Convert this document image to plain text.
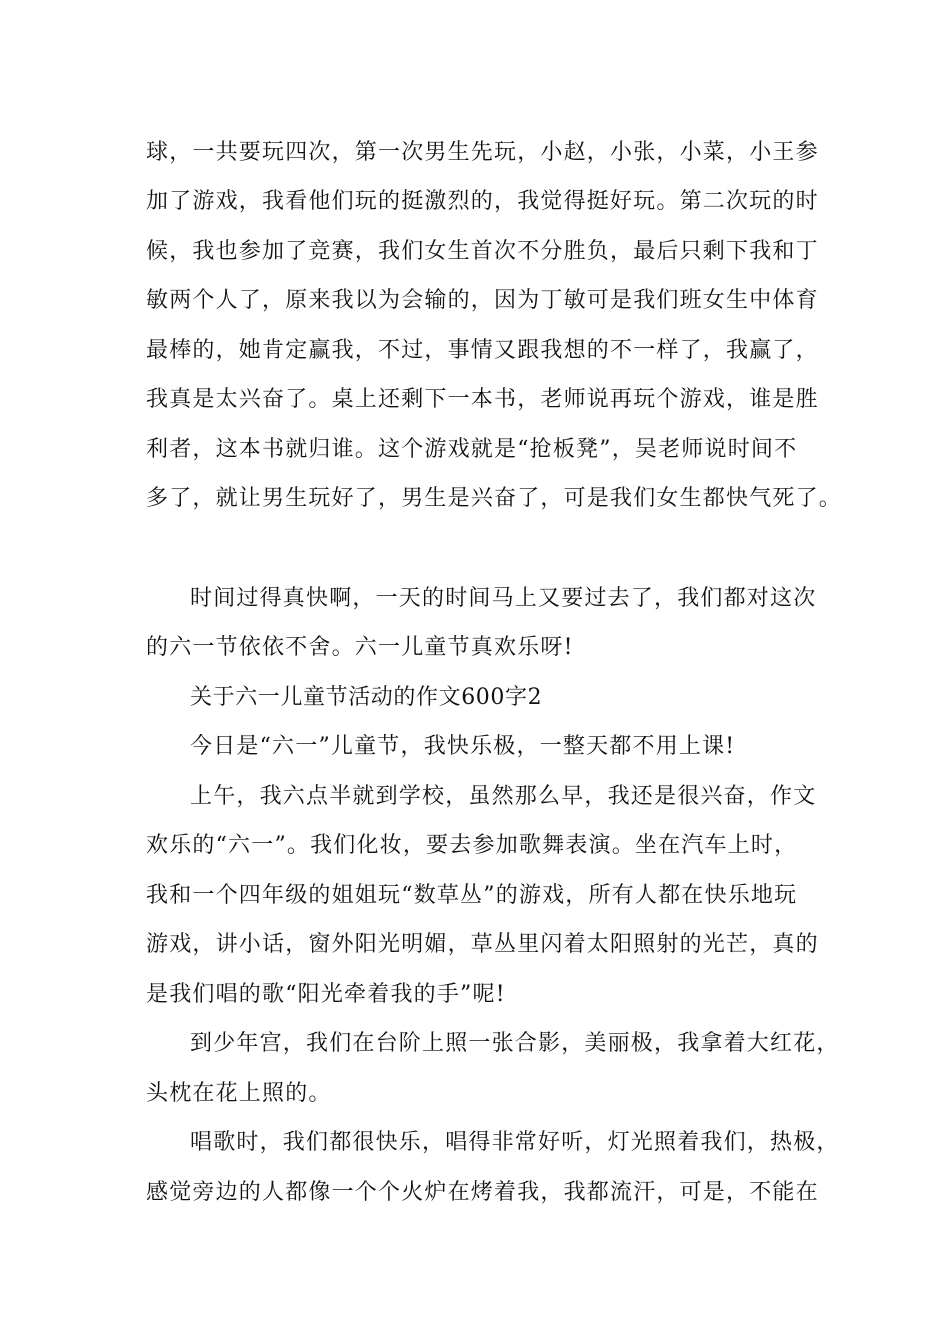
球，一共要玩四次，第一次男生先玩，小赵，小张，小菜，小王参
加了游戏，我看他们玩的挺激烈的，我觉得挺好玩。第二次玩的时
候，我也参加了竞赛，我们女生首次不分胜负，最后只剩下我和丁
敏两个人了，原来我以为会输的，因为丁敏可是我们班女生中体育
最棒的，她肯定赢我，不过，事情又跟我想的不一样了，我赢了，
我真是太兴奋了。桌上还剩下一本书，老师说再玩个游戏，谁是胜
利者，这本书就归谁。这个游戏就是“抢板凳”，吴老师说时间不
多了，就让男生玩好了，男生是兴奋了，可是我们女生都快气死了。
时间过得真快啊，一天的时间马上又要过去了，我们都对这次
的六一节依依不舍。六一儿童节真欢乐呀!
关于六一儿童节活动的作文600字2
今日是“六一”儿童节，我快乐极，一整天都不用上课!
上午，我六点半就到学校，虽然那么早，我还是很兴奋，作文
欢乐的“六一”。我们化妆，要去参加歌舞表演。坐在汽车上时，
我和一个四年级的姐姐玩“数草丛”的游戏，所有人都在快乐地玩
游戏，讲小话，窗外阳光明媚，草丛里闪着太阳照射的光芒，真的
是我们唱的歌“阳光牵着我的手”呢!
到少年宫，我们在台阶上照一张合影，美丽极，我拿着大红花，
头枕在花上照的。
唱歌时，我们都很快乐，唱得非常好听，灯光照着我们，热极，
感觉旁边的人都像一个个火炉在烤着我，我都流汗，可是，不能在
